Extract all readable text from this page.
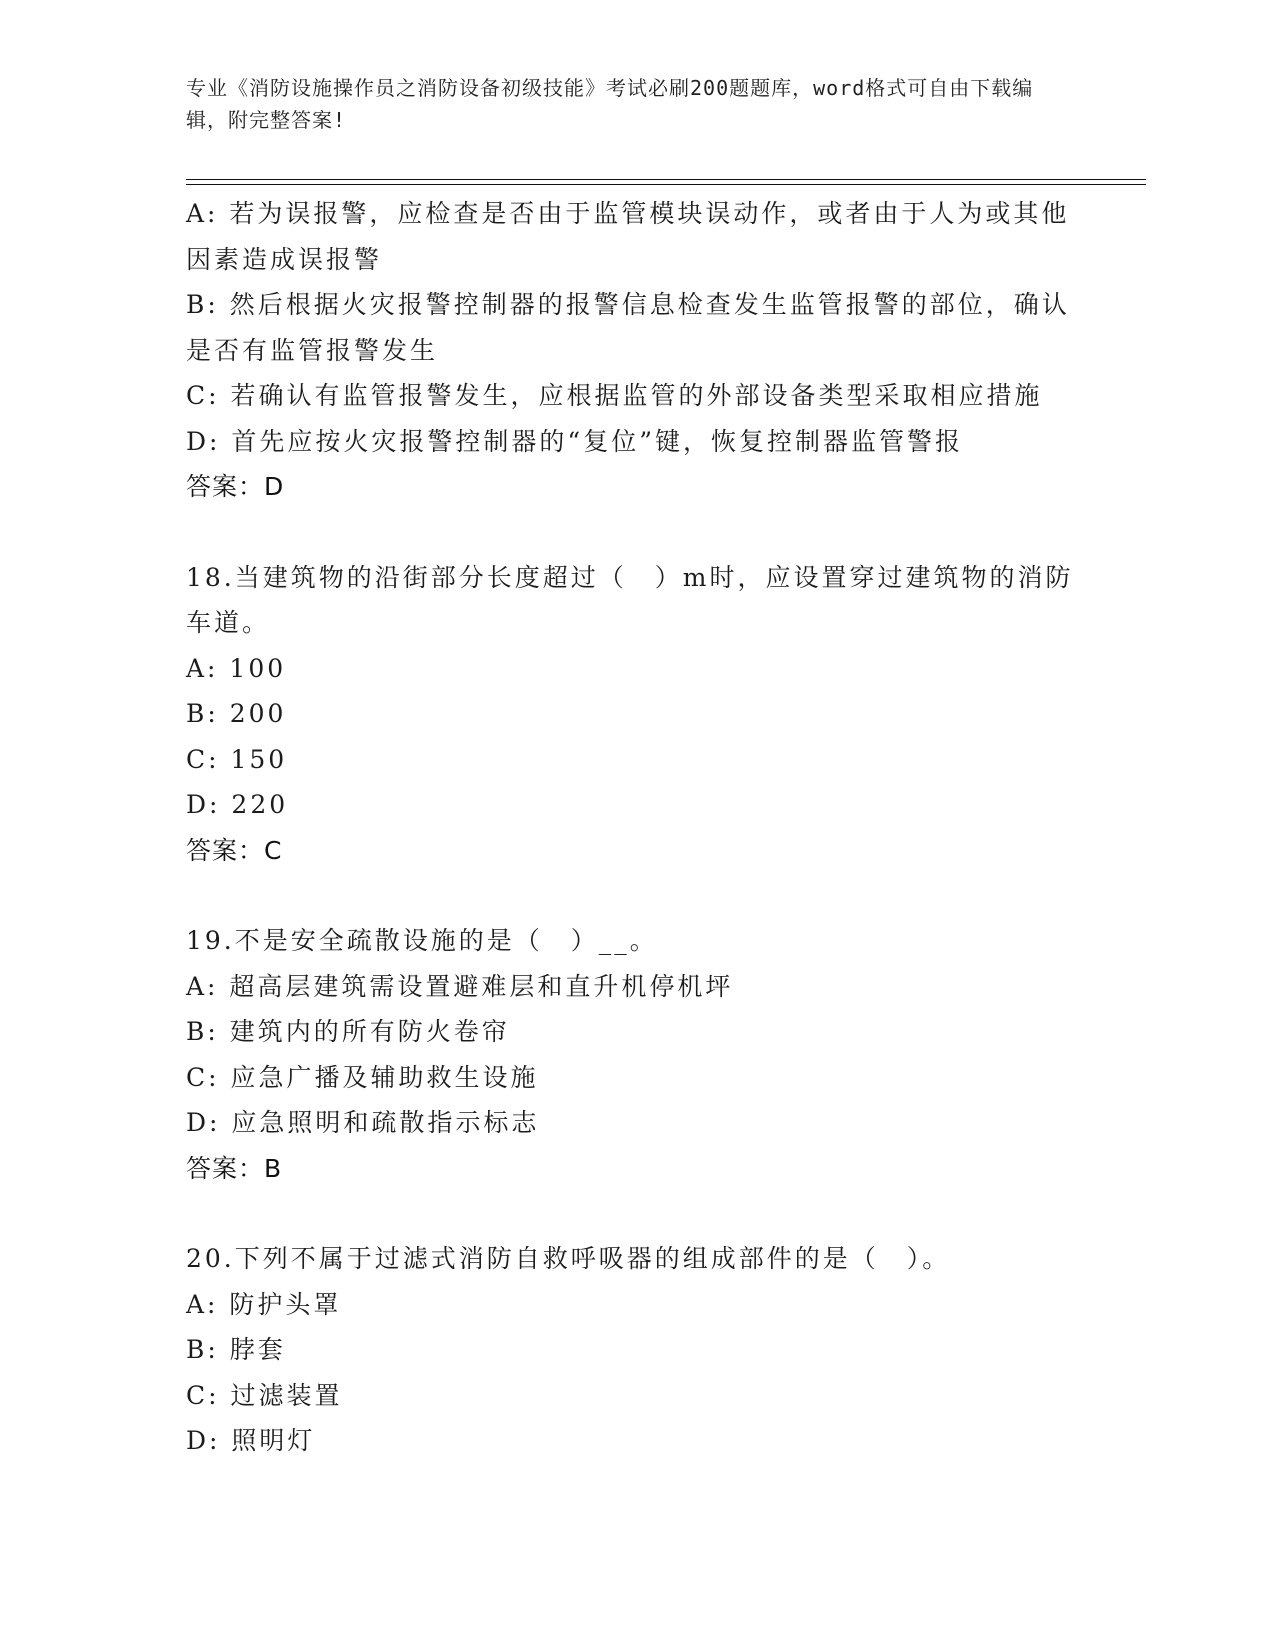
专业《消防设施操作员之消防设备初级技能》考试必刷200题题库，word格式可自由下载编辑，附完整答案!
A: 若为误报警，应检查是否由于监管模块误动作，或者由于人为或其他因素造成误报警
B: 然后根据火灾报警控制器的报警信息检查发生监管报警的部位，确认是否有监管报警发生
C: 若确认有监管报警发生，应根据监管的外部设备类型采取相应措施
D: 首先应按火灾报警控制器的“复位”键，恢复控制器监管警报
答案：D
18.当建筑物的沿街部分长度超过（　）m时，应设置穿过建筑物的消防车道。
A: 100
B: 200
C: 150
D: 220
答案：C
19.不是安全疏散设施的是（　）__。
A: 超高层建筑需设置避难层和直升机停机坪
B: 建筑内的所有防火卷帘
C: 应急广播及辅助救生设施
D: 应急照明和疏散指示标志
答案：B
20.下列不属于过滤式消防自救呼吸器的组成部件的是（　）。
A: 防护头罩
B: 脖套
C: 过滤装置
D: 照明灯
